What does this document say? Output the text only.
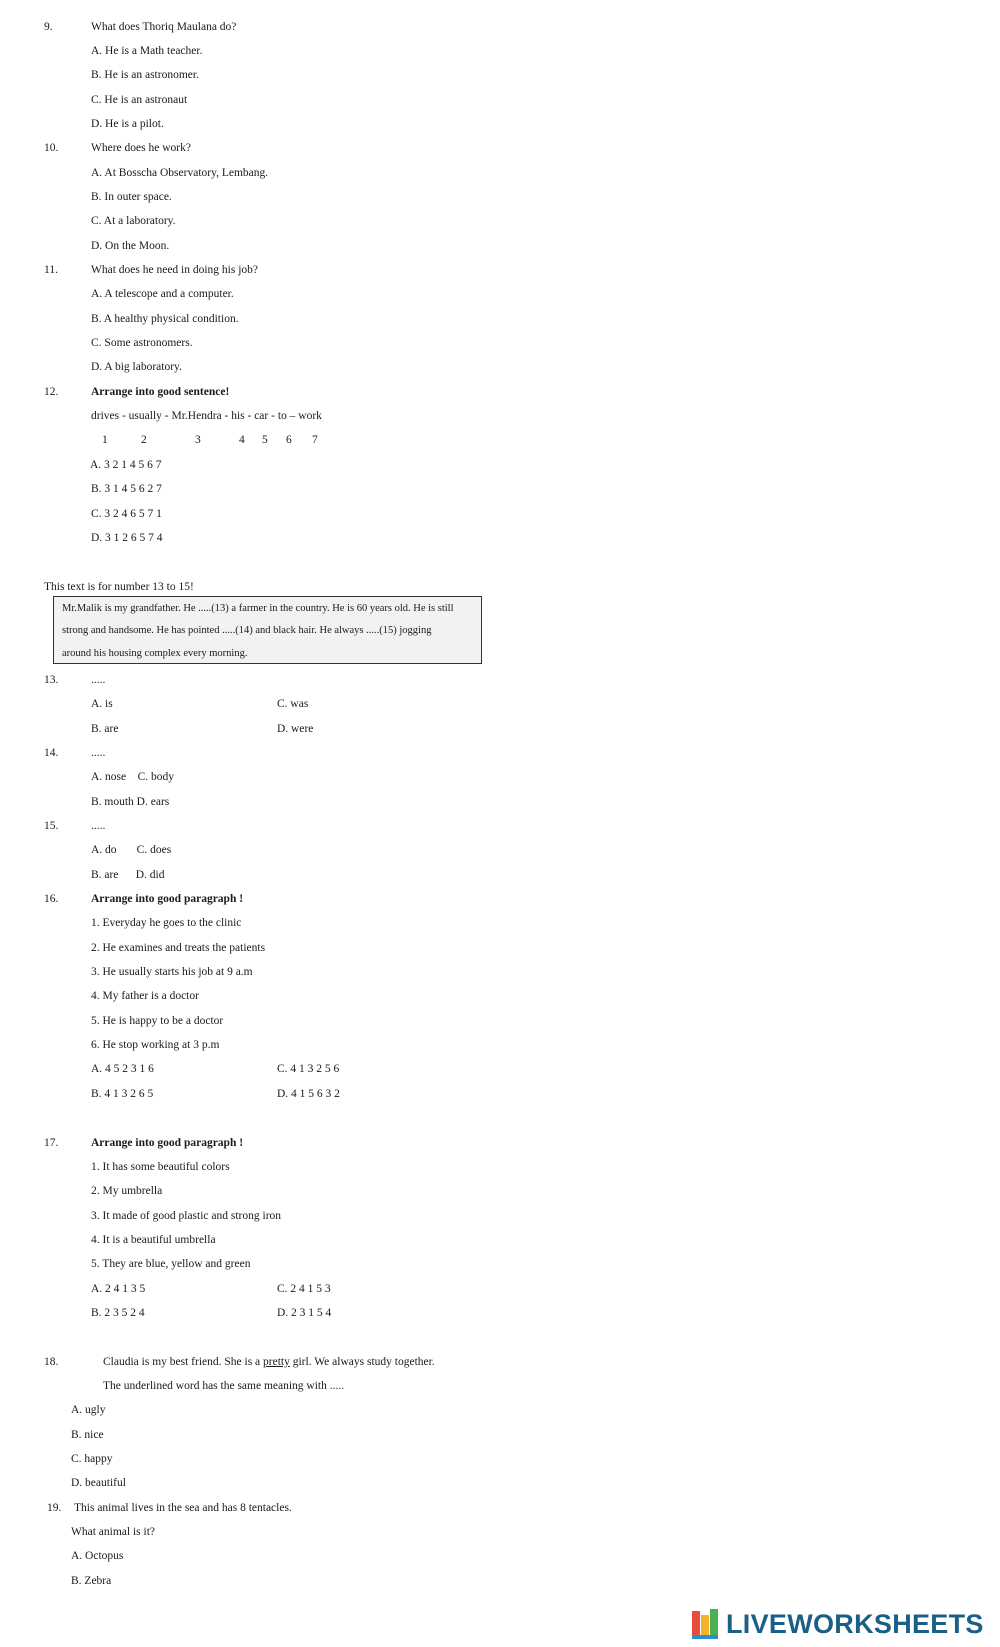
9.	What does Thoriq Maulana do?
A. He is a Math teacher.
B. He is an astronomer.
C. He is an astronaut
D. He is a pilot.
10.	Where does he work?
A. At Bosscha Observatory, Lembang.
B. In outer space.
C. At a laboratory.
D. On the Moon.
11.	What does he need in doing his job?
A. A telescope and a computer.
B. A healthy physical condition.
C. Some astronomers.
D. A big laboratory.
12.	Arrange into good sentence!
drives - usually - Mr.Hendra - his - car - to – work
1	2	3	4 5 6 7
A. 3 2 1 4 5 6 7
B. 3 1 4 5 6 2 7
C. 3 2 4 6 5 7 1
D. 3 1 2 6 5 7 4
This text is for number 13 to 15!
Mr.Malik is my grandfather. He .....(13) a farmer in the country. He is 60 years old. He is still
strong and handsome. He has pointed .....(14) and black hair. He always .....(15) jogging
around his housing complex every morning.
13.	.....
A. is	C. was
B. are	D. were
14.	.....
A. nose    C. body
B. mouth D. ears
15.	.....
A. do       C. does
B. are      D. did
16.	Arrange into good paragraph !
1. Everyday he goes to the clinic
2. He examines and treats the patients
3. He usually starts his job at 9 a.m
4. My father is a doctor
5. He is happy to be a doctor
6. He stop working at 3 p.m
A. 4 5 2 3 1 6	C. 4 1 3 2 5 6
B. 4 1 3 2 6 5	D. 4 1 5 6 3 2
17.	Arrange into good paragraph !
1. It has some beautiful colors
2. My umbrella
3. It made of good plastic and strong iron
4. It is a beautiful umbrella
5. They are blue, yellow and green
A. 2 4 1 3 5	C. 2 4 1 5 3
B. 2 3 5 2 4	D. 2 3 1 5 4
18.	Claudia is my best friend. She is a pretty girl. We always study together.
The underlined word has the same meaning with .....
A. ugly
B. nice
C. happy
D. beautiful
19. This animal lives in the sea and has 8 tentacles.
What animal is it?
A. Octopus
B. Zebra
LIVEWORKSHEETS
